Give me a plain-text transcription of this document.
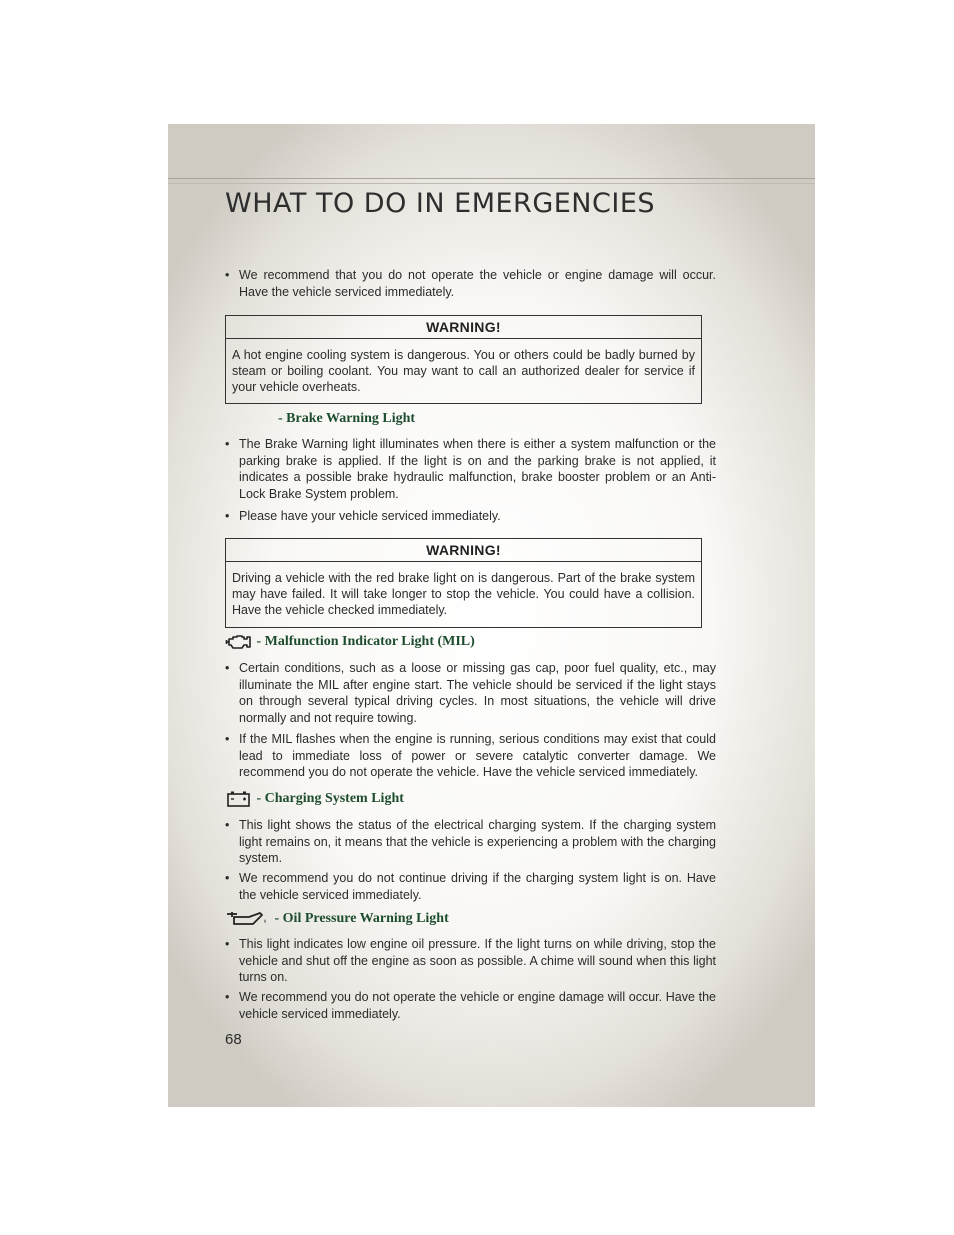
WHAT TO DO IN EMERGENCIES
• We recommend that you do not operate the vehicle or engine damage will occur. Have the vehicle serviced immediately.
WARNING!
A hot engine cooling system is dangerous. You or others could be badly burned by steam or boiling coolant. You may want to call an authorized dealer for service if your vehicle overheats.
- Brake Warning Light
• The Brake Warning light illuminates when there is either a system malfunction or the parking brake is applied. If the light is on and the parking brake is not applied, it indicates a possible brake hydraulic malfunction, brake booster problem or an Anti-Lock Brake System problem.
• Please have your vehicle serviced immediately.
WARNING!
Driving a vehicle with the red brake light on is dangerous. Part of the brake system may have failed. It will take longer to stop the vehicle. You could have a collision. Have the vehicle checked immediately.
- Malfunction Indicator Light (MIL)
• Certain conditions, such as a loose or missing gas cap, poor fuel quality, etc., may illuminate the MIL after engine start. The vehicle should be serviced if the light stays on through several typical driving cycles. In most situations, the vehicle will drive normally and not require towing.
• If the MIL flashes when the engine is running, serious conditions may exist that could lead to immediate loss of power or severe catalytic converter damage. We recommend you do not operate the vehicle. Have the vehicle serviced immediately.
- Charging System Light
• This light shows the status of the electrical charging system. If the charging system light remains on, it means that the vehicle is experiencing a problem with the charging system.
• We recommend you do not continue driving if the charging system light is on. Have the vehicle serviced immediately.
- Oil Pressure Warning Light
• This light indicates low engine oil pressure. If the light turns on while driving, stop the vehicle and shut off the engine as soon as possible. A chime will sound when this light turns on.
• We recommend you do not operate the vehicle or engine damage will occur. Have the vehicle serviced immediately.

68
